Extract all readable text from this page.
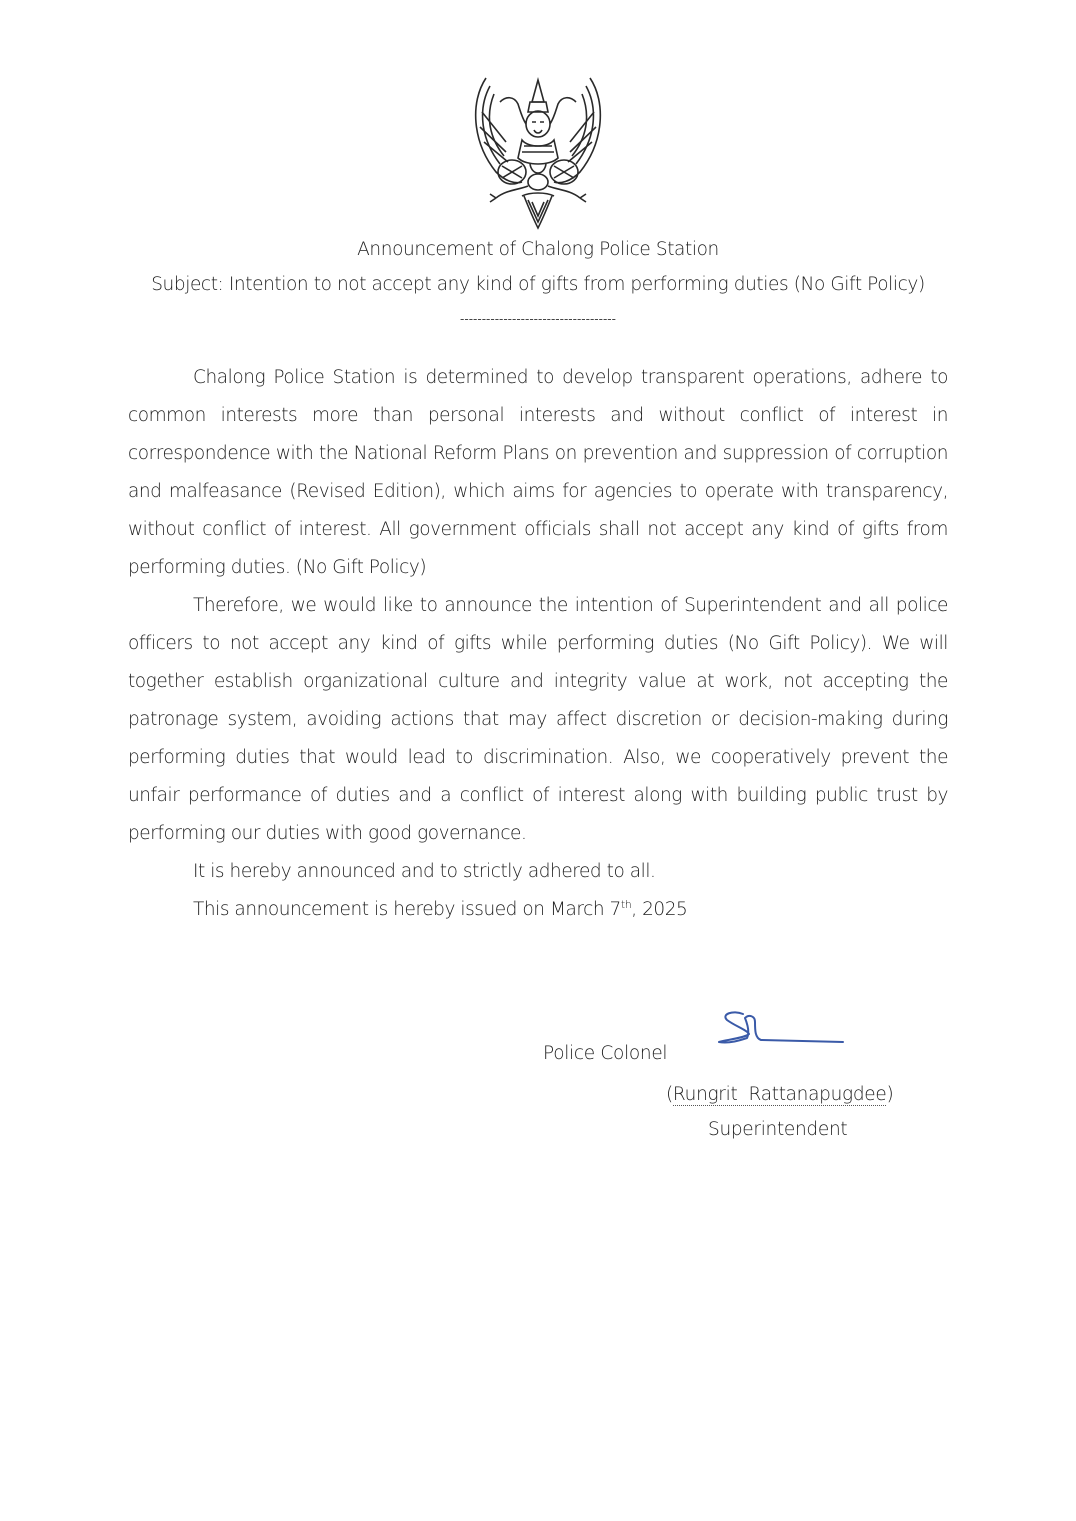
Announcement of Chalong Police Station
Subject: Intention to not accept any kind of gifts from performing duties (No Gift Policy)
------------------------------------

Chalong Police Station is determined to develop transparent operations, adhere to common interests more than personal interests and without conflict of interest in correspondence with the National Reform Plans on prevention and suppression of corruption and malfeasance (Revised Edition), which aims for agencies to operate with transparency, without conflict of interest. All government officials shall not accept any kind of gifts from performing duties. (No Gift Policy)

Therefore, we would like to announce the intention of Superintendent and all police officers to not accept any kind of gifts while performing duties (No Gift Policy). We will together establish organizational culture and integrity value at work, not accepting the patronage system, avoiding actions that may affect discretion or decision-making during performing duties that would lead to discrimination. Also, we cooperatively prevent the unfair performance of duties and a conflict of interest along with building public trust by performing our duties with good governance.

It is hereby announced and to strictly adhered to all.

This announcement is hereby issued on March 7th, 2025

Police Colonel
(Rungrit  Rattanapugdee)
Superintendent
